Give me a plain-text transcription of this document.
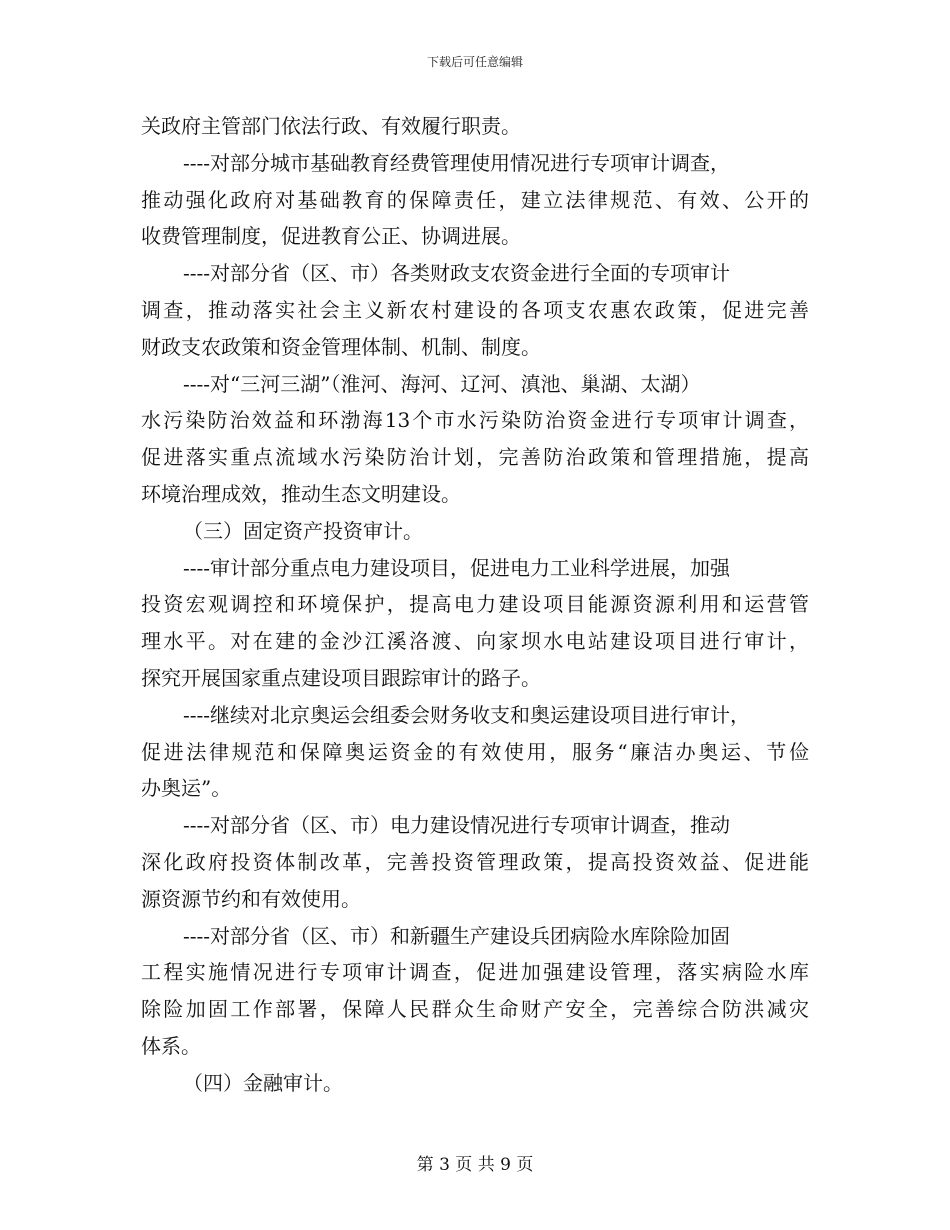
下载后可任意编辑
关政府主管部门依法行政、有效履行职责。
----对部分城市基础教育经费管理使用情况进行专项审计调查，
推动强化政府对基础教育的保障责任，建立法律规范、有效、公开的
收费管理制度，促进教育公正、协调进展。
----对部分省（区、市）各类财政支农资金进行全面的专项审计
调查，推动落实社会主义新农村建设的各项支农惠农政策，促进完善
财政支农政策和资金管理体制、机制、制度。
----对“三河三湖”（淮河、海河、辽河、滇池、巢湖、太湖）
水污染防治效益和环渤海13个市水污染防治资金进行专项审计调查，
促进落实重点流域水污染防治计划，完善防治政策和管理措施，提高
环境治理成效，推动生态文明建设。
（三）固定资产投资审计。
----审计部分重点电力建设项目，促进电力工业科学进展，加强
投资宏观调控和环境保护，提高电力建设项目能源资源利用和运营管
理水平。对在建的金沙江溪洛渡、向家坝水电站建设项目进行审计，
探究开展国家重点建设项目跟踪审计的路子。
----继续对北京奥运会组委会财务收支和奥运建设项目进行审计，
促进法律规范和保障奥运资金的有效使用，服务“廉洁办奥运、节俭
办奥运”。
----对部分省（区、市）电力建设情况进行专项审计调查，推动
深化政府投资体制改革，完善投资管理政策，提高投资效益、促进能
源资源节约和有效使用。
----对部分省（区、市）和新疆生产建设兵团病险水库除险加固
工程实施情况进行专项审计调查，促进加强建设管理，落实病险水库
除险加固工作部署，保障人民群众生命财产安全，完善综合防洪减灾
体系。
（四）金融审计。
第 3 页 共 9 页
